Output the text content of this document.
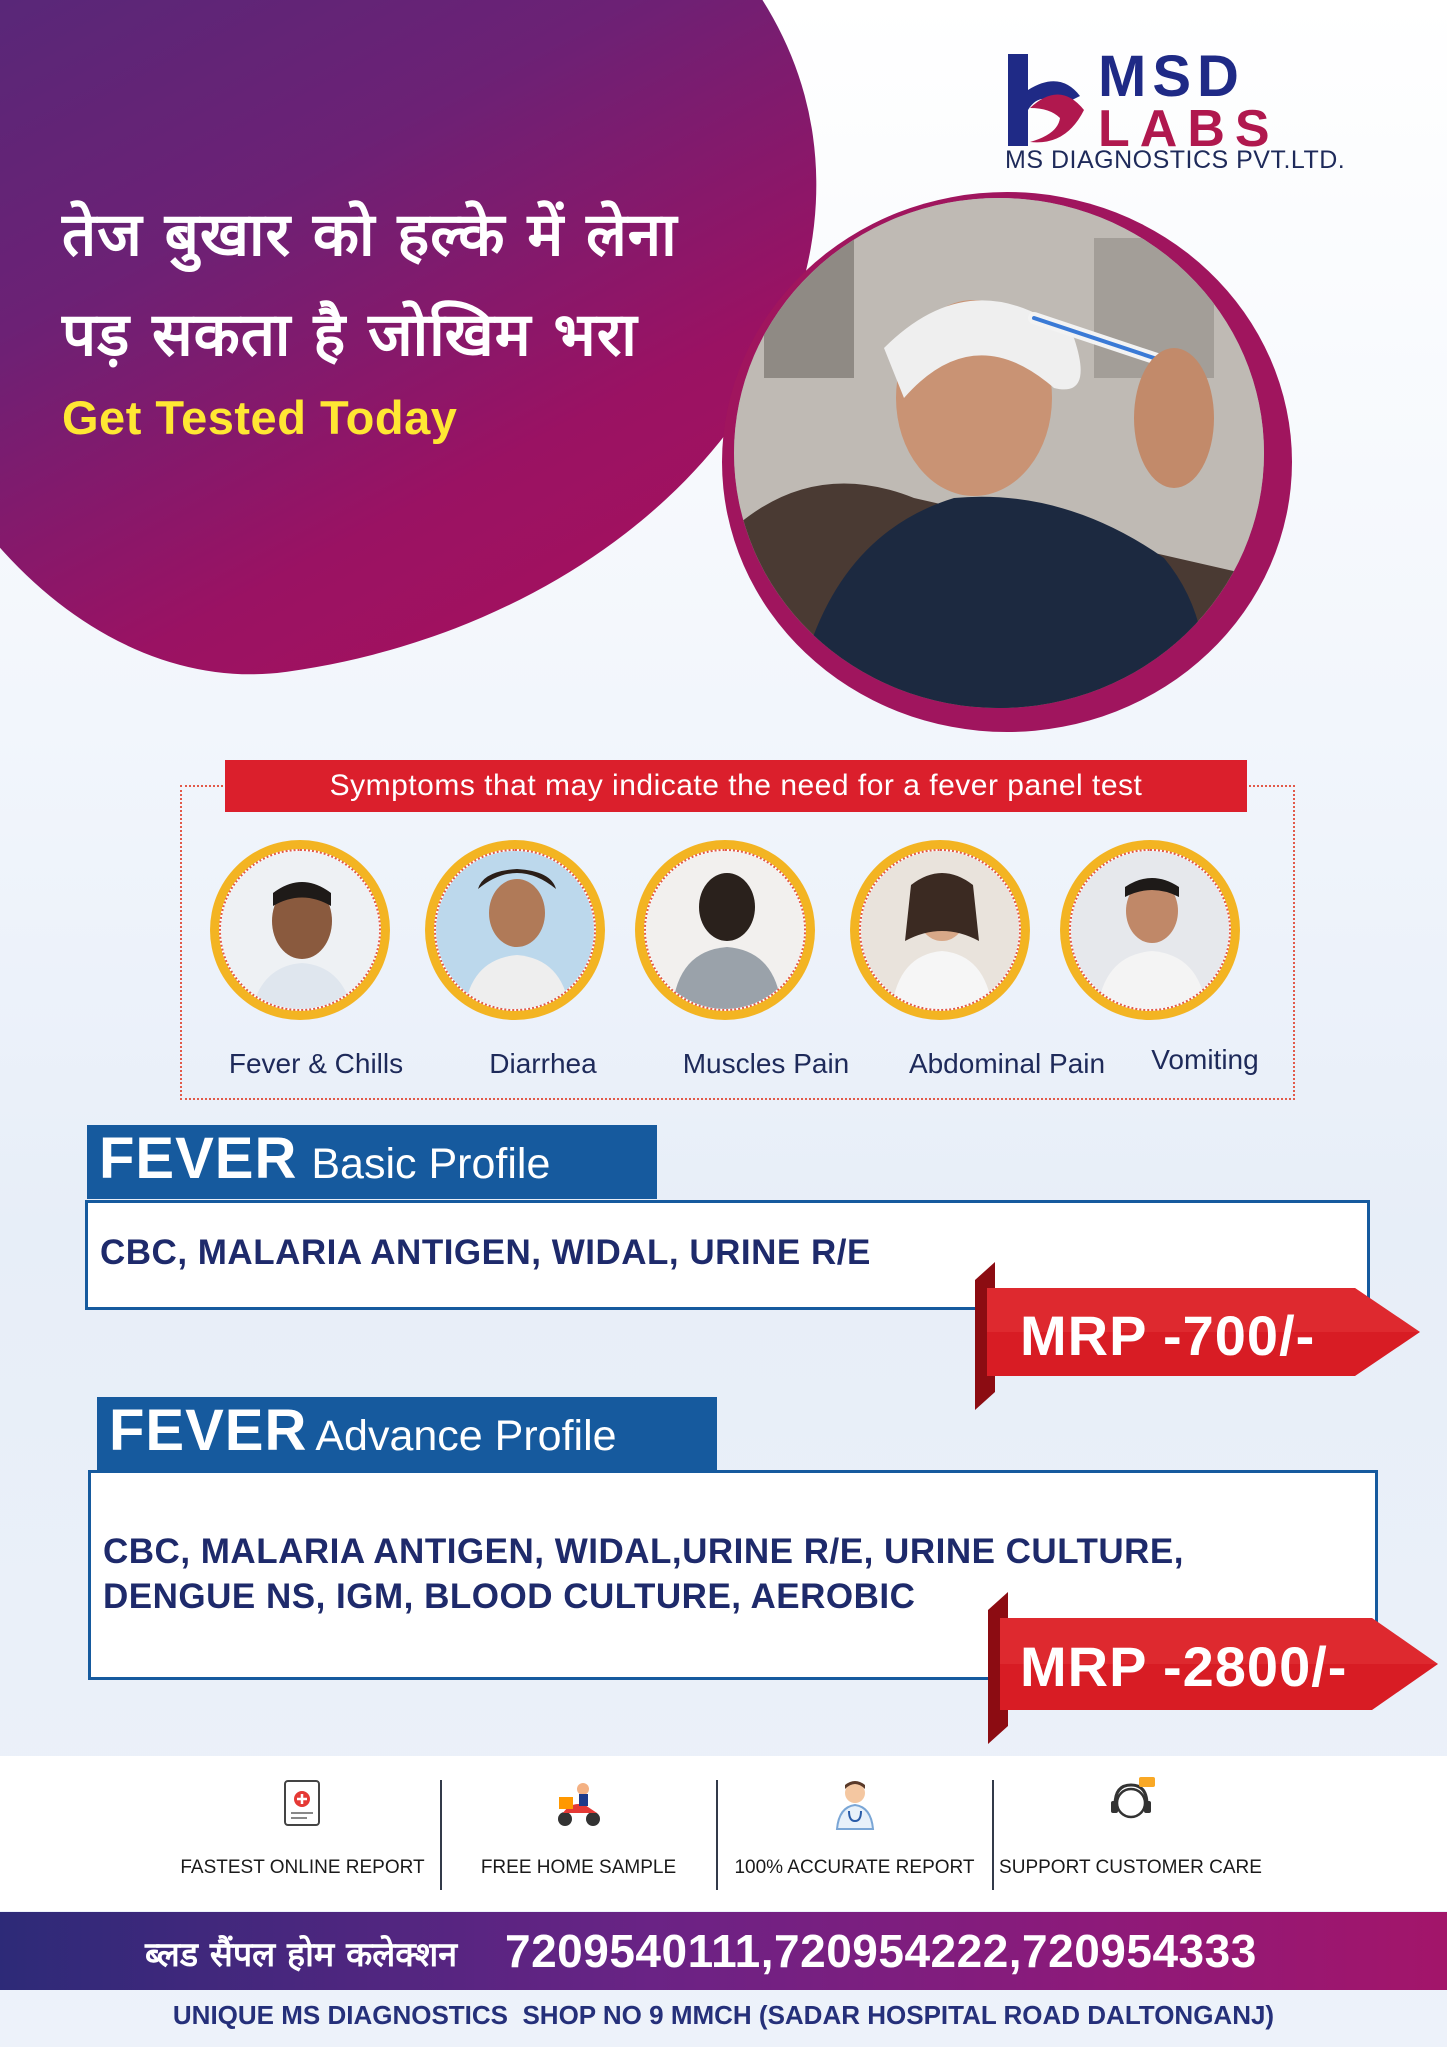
तेज बुखार को हल्के में लेना
पड़ सकता है जोखिम भरा
Get Tested Today
MSD
LABS
MS DIAGNOSTICS PVT.LTD.
Symptoms that may indicate the need for a fever panel test
Fever & Chills	Diarrhea	Muscles Pain	Abdominal Pain	Vomiting
FEVER Basic Profile
CBC, MALARIA ANTIGEN, WIDAL, URINE R/E
MRP -700/-
FEVER Advance Profile
CBC, MALARIA ANTIGEN, WIDAL,URINE R/E, URINE CULTURE,
DENGUE NS, IGM, BLOOD CULTURE, AEROBIC
MRP -2800/-
FASTEST ONLINE REPORT	FREE HOME SAMPLE	100% ACCURATE REPORT	SUPPORT CUSTOMER CARE
ब्लड सैंपल होम कलेक्शन 7209540111,720954222,720954333
UNIQUE MS DIAGNOSTICS  SHOP NO 9 MMCH (SADAR HOSPITAL ROAD DALTONGANJ)
